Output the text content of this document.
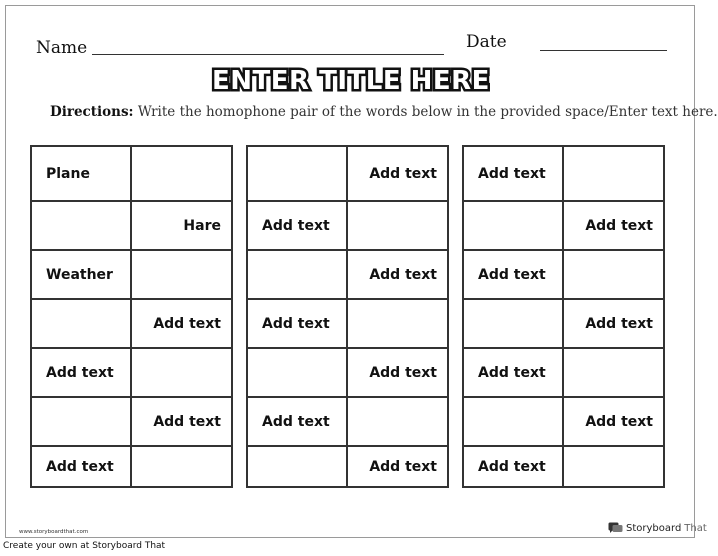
Name	Date
ENTER TITLE HERE
Directions: Write the homophone pair of the words below in the provided space/Enter text here.
Plane
Hare
Weather
Add text
Add text
Add text
Add text
Add text
Add text
Add text
Add text
Add text
Add text
Add text
Add text
Add text
Add text
Add text
Add text
Add text
Add text
www.storyboardthat.com	Storyboard That
Create your own at Storyboard That
